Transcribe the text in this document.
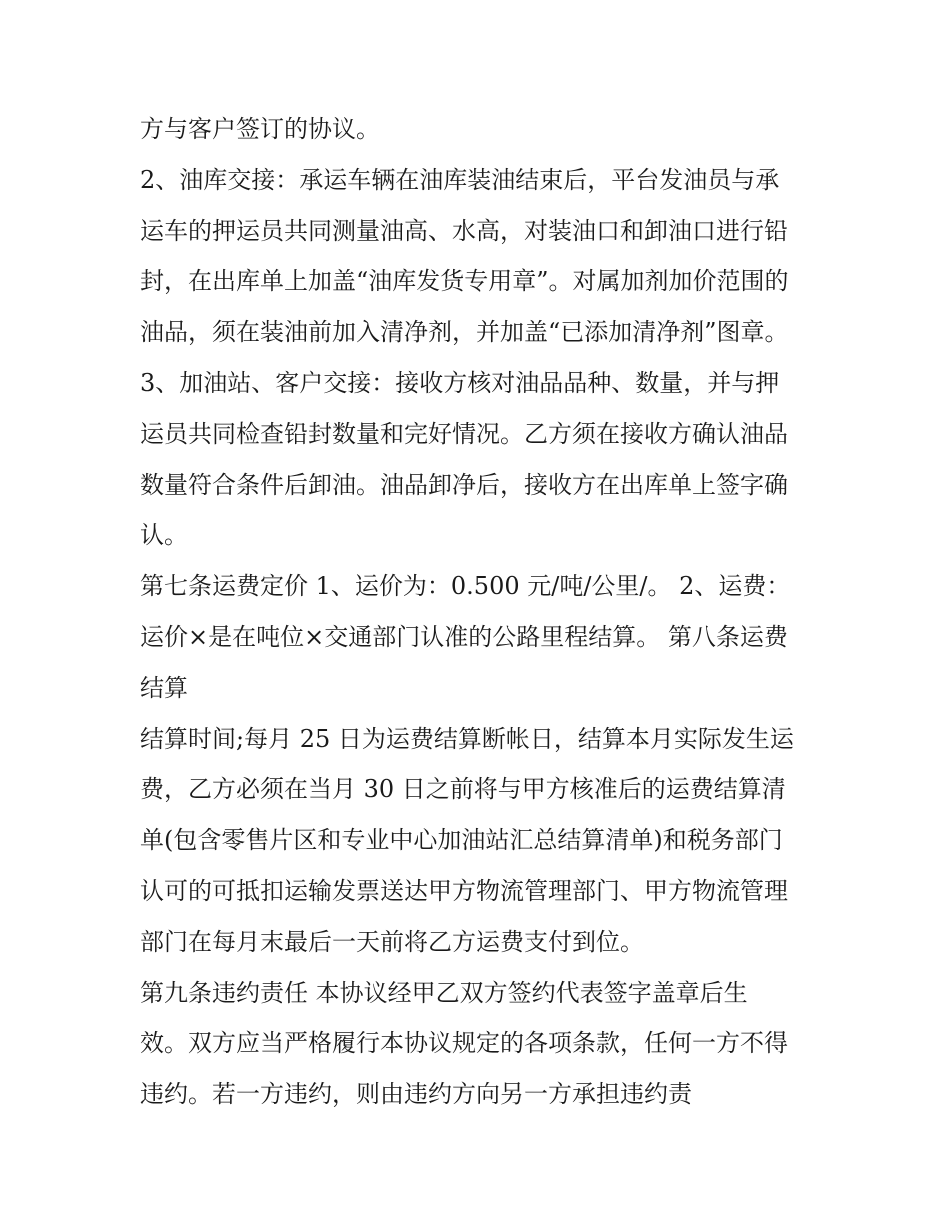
方与客户签订的协议。
2、油库交接：承运车辆在油库装油结束后，平台发油员与承
运车的押运员共同测量油高、水高，对装油口和卸油口进行铅
封，在出库单上加盖“油库发货专用章”。对属加剂加价范围的
油品，须在装油前加入清净剂，并加盖“已添加清净剂”图章。
3、加油站、客户交接：接收方核对油品品种、数量，并与押
运员共同检查铅封数量和完好情况。乙方须在接收方确认油品
数量符合条件后卸油。油品卸净后，接收方在出库单上签字确
认。
第七条运费定价 1、运价为：0.500 元/吨/公里/。 2、运费：
运价×是在吨位×交通部门认准的公路里程结算。 第八条运费
结算
结算时间;每月 25 日为运费结算断帐日，结算本月实际发生运
费，乙方必须在当月 30 日之前将与甲方核准后的运费结算清
单(包含零售片区和专业中心加油站汇总结算清单)和税务部门
认可的可抵扣运输发票送达甲方物流管理部门、甲方物流管理
部门在每月末最后一天前将乙方运费支付到位。
第九条违约责任 本协议经甲乙双方签约代表签字盖章后生
效。双方应当严格履行本协议规定的各项条款，任何一方不得
违约。若一方违约，则由违约方向另一方承担违约责
